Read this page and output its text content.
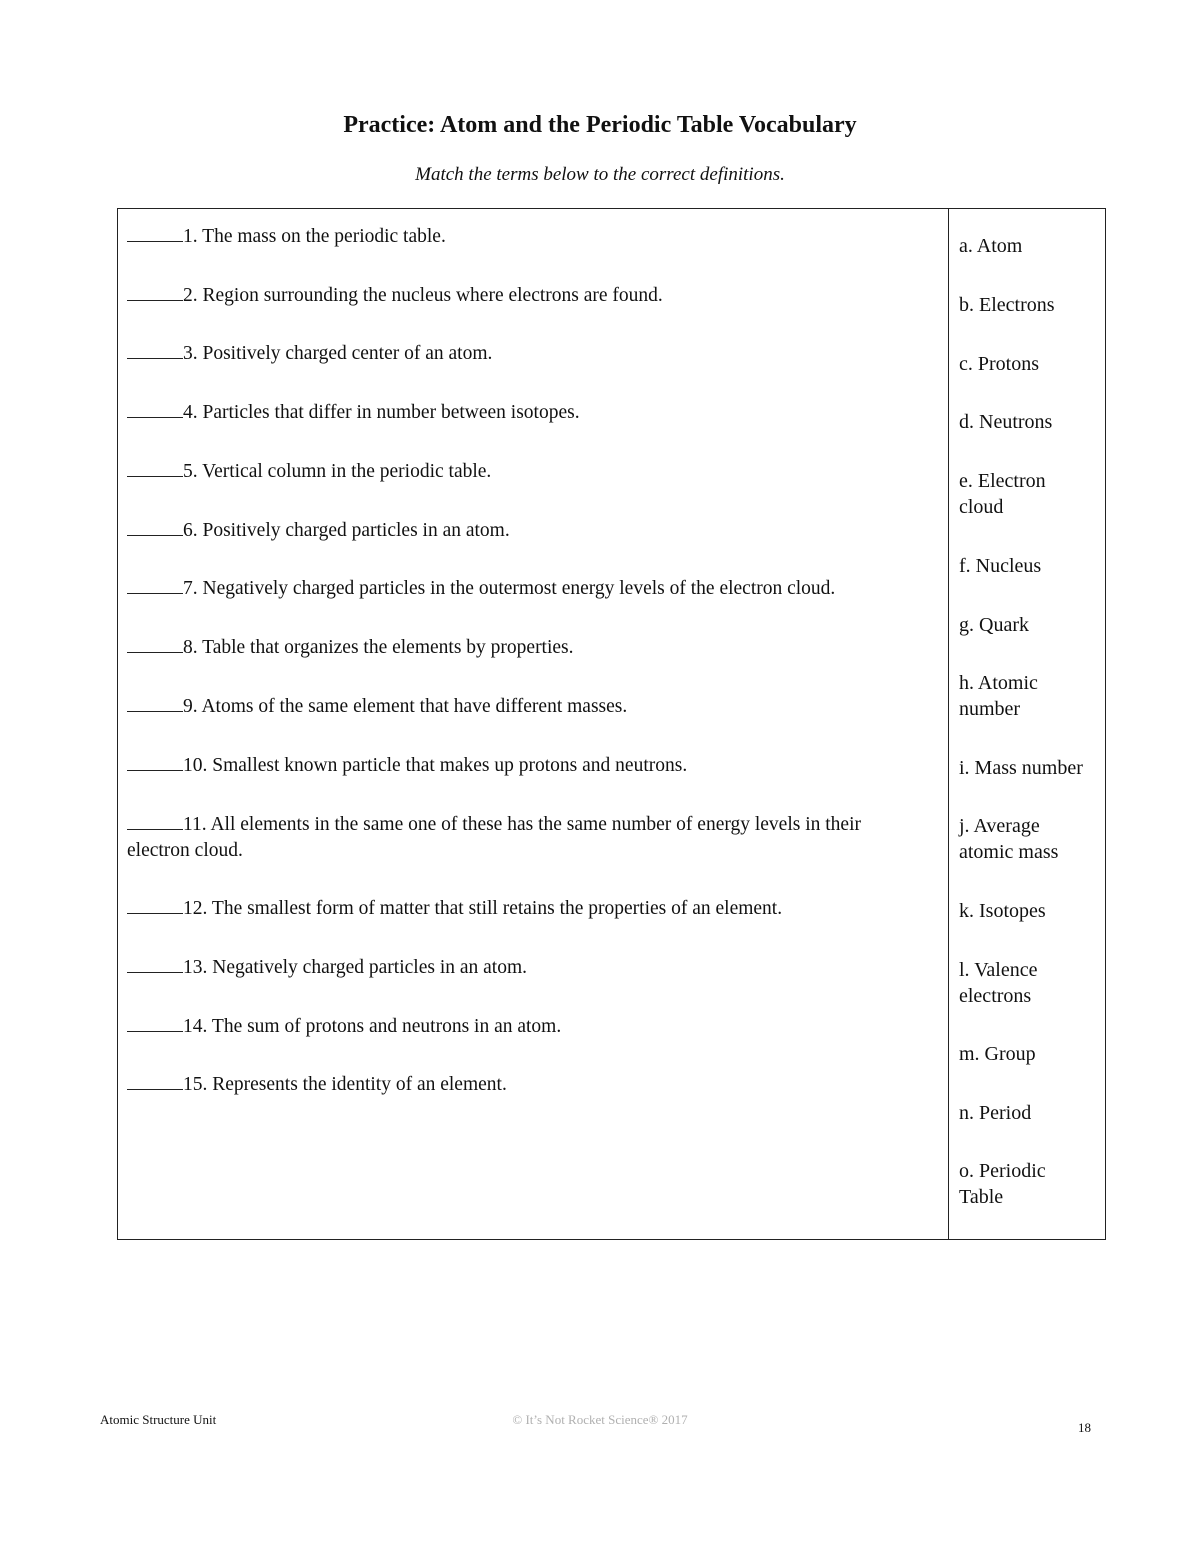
Practice: Atom and the Periodic Table Vocabulary
Match the terms below to the correct definitions.
1. The mass on the periodic table.
2. Region surrounding the nucleus where electrons are found.
3. Positively charged center of an atom.
4. Particles that differ in number between isotopes.
5. Vertical column in the periodic table.
6. Positively charged particles in an atom.
7. Negatively charged particles in the outermost energy levels of the electron cloud.
8. Table that organizes the elements by properties.
9. Atoms of the same element that have different masses.
10. Smallest known particle that makes up protons and neutrons.
11. All elements in the same one of these has the same number of energy levels in their electron cloud.
12. The smallest form of matter that still retains the properties of an element.
13. Negatively charged particles in an atom.
14. The sum of protons and neutrons in an atom.
15. Represents the identity of an element.
a. Atom
b. Electrons
c. Protons
d. Neutrons
e. Electron cloud
f. Nucleus
g. Quark
h. Atomic number
i. Mass number
j. Average atomic mass
k. Isotopes
l. Valence electrons
m. Group
n. Period
o. Periodic Table
Atomic Structure Unit	© It’s Not Rocket Science® 2017
18
